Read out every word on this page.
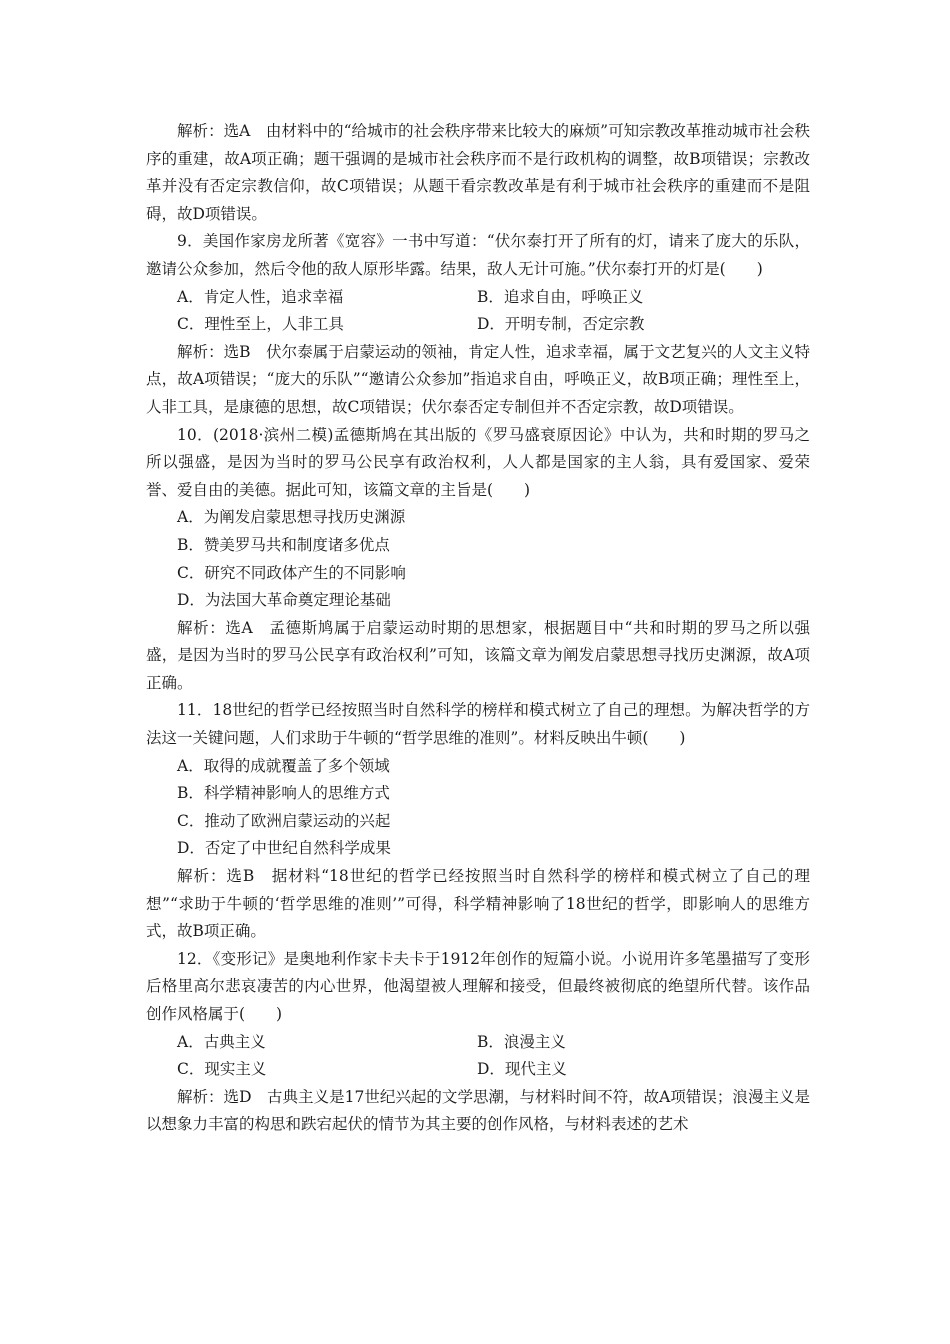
解析：选A　由材料中的“给城市的社会秩序带来比较大的麻烦”可知宗教改革推动城市社会秩序的重建，故A项正确；题干强调的是城市社会秩序而不是行政机构的调整，故B项错误；宗教改革并没有否定宗教信仰，故C项错误；从题干看宗教改革是有利于城市社会秩序的重建而不是阻碍，故D项错误。

9．美国作家房龙所著《宽容》一书中写道：“伏尔泰打开了所有的灯，请来了庞大的乐队，邀请公众参加，然后令他的敌人原形毕露。结果，敌人无计可施。”伏尔泰打开的灯是(　　)

A．肯定人性，追求幸福	B．追求自由，呼唤正义
C．理性至上，人非工具	D．开明专制，否定宗教

解析：选B　伏尔泰属于启蒙运动的领袖，肯定人性，追求幸福，属于文艺复兴的人文主义特点，故A项错误；“庞大的乐队”“邀请公众参加”指追求自由，呼唤正义，故B项正确；理性至上，人非工具，是康德的思想，故C项错误；伏尔泰否定专制但并不否定宗教，故D项错误。

10．(2018·滨州二模)孟德斯鸠在其出版的《罗马盛衰原因论》中认为，共和时期的罗马之所以强盛，是因为当时的罗马公民享有政治权利，人人都是国家的主人翁，具有爱国家、爱荣誉、爱自由的美德。据此可知，该篇文章的主旨是(　　)

A．为阐发启蒙思想寻找历史渊源

B．赞美罗马共和制度诸多优点

C．研究不同政体产生的不同影响

D．为法国大革命奠定理论基础

解析：选A　孟德斯鸠属于启蒙运动时期的思想家，根据题目中“共和时期的罗马之所以强盛，是因为当时的罗马公民享有政治权利”可知，该篇文章为阐发启蒙思想寻找历史渊源，故A项正确。

11．18世纪的哲学已经按照当时自然科学的榜样和模式树立了自己的理想。为解决哲学的方法这一关键问题，人们求助于牛顿的“哲学思维的准则”。材料反映出牛顿(　　)

A．取得的成就覆盖了多个领域

B．科学精神影响人的思维方式

C．推动了欧洲启蒙运动的兴起

D．否定了中世纪自然科学成果

解析：选B　据材料“18世纪的哲学已经按照当时自然科学的榜样和模式树立了自己的理想”“求助于牛顿的‘哲学思维的准则’”可得，科学精神影响了18世纪的哲学，即影响人的思维方式，故B项正确。

12．《变形记》是奥地利作家卡夫卡于1912年创作的短篇小说。小说用许多笔墨描写了变形后格里高尔悲哀凄苦的内心世界，他渴望被人理解和接受，但最终被彻底的绝望所代替。该作品创作风格属于(　　)

A．古典主义	B．浪漫主义
C．现实主义	D．现代主义

解析：选D　古典主义是17世纪兴起的文学思潮，与材料时间不符，故A项错误；浪漫主义是以想象力丰富的构思和跌宕起伏的情节为其主要的创作风格，与材料表述的艺术
